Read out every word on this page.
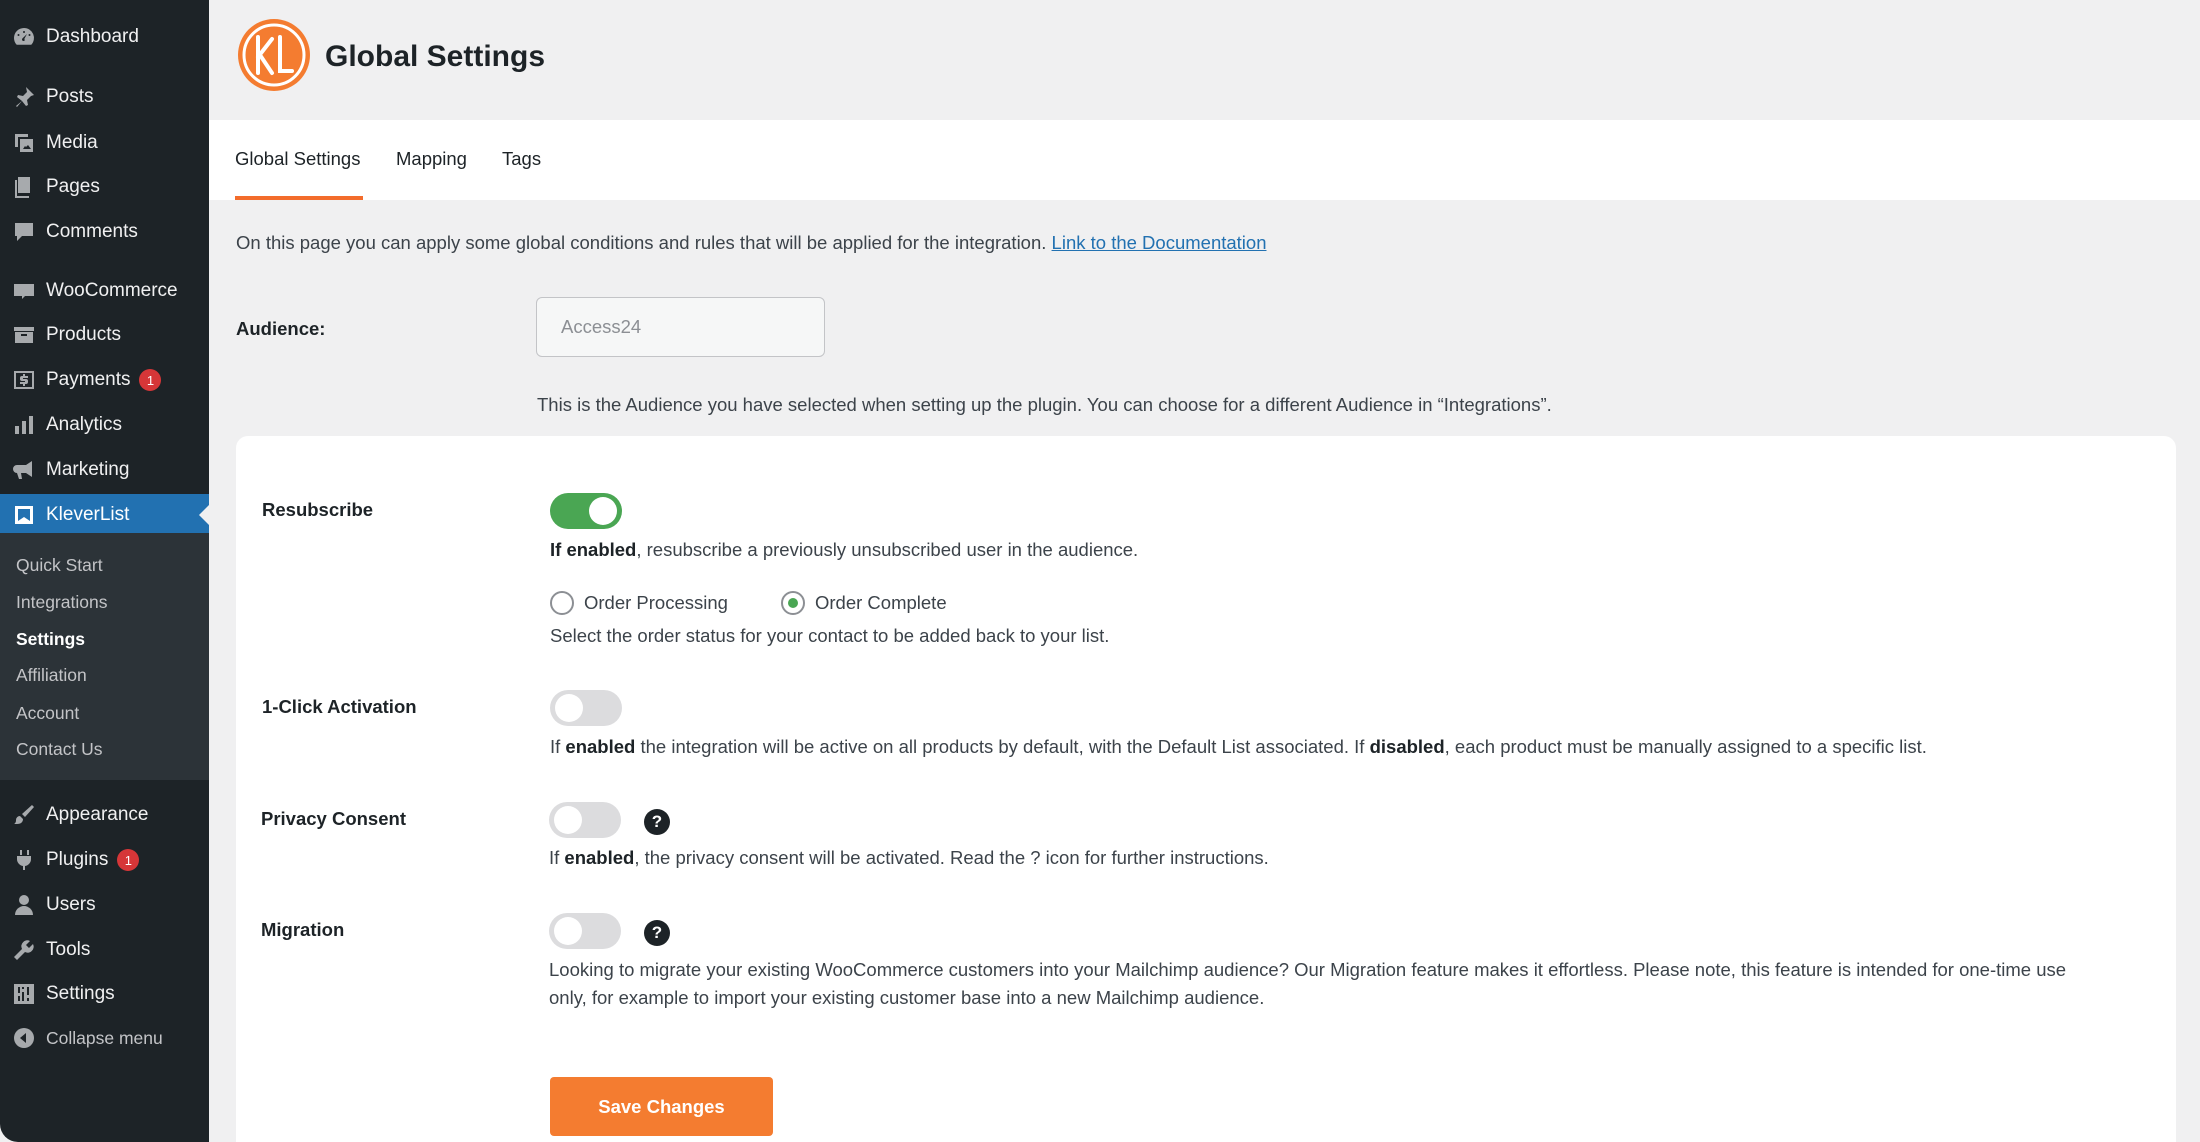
Dashboard
Posts
Media
Pages
Comments
WooCommerce
Products
Payments	1
Analytics
Marketing
KleverList
Quick Start
Integrations
Settings
Affiliation
Account
Contact Us
Appearance
Plugins	1
Users
Tools
Settings
Collapse menu
Global Settings
Global Settings Mapping Tags

On this page you can apply some global conditions and rules that will be applied for the integration. Link to the Documentation

Audience:
Access24

This is the Audience you have selected when setting up the plugin. You can choose for a different Audience in “Integrations”.

Resubscribe

If enabled, resubscribe a previously unsubscribed user in the audience.

Order Processing	Order Complete

Select the order status for your contact to be added back to your list.

1-Click Activation

If enabled the integration will be active on all products by default, with the Default List associated. If disabled, each product must be manually assigned to a specific list.

Privacy Consent	?

If enabled, the privacy consent will be activated. Read the ? icon for further instructions.

Migration	?

Looking to migrate your existing WooCommerce customers into your Mailchimp audience? Our Migration feature makes it effortless. Please note, this feature is intended for one-time use

only, for example to import your existing customer base into a new Mailchimp audience.

Save Changes
